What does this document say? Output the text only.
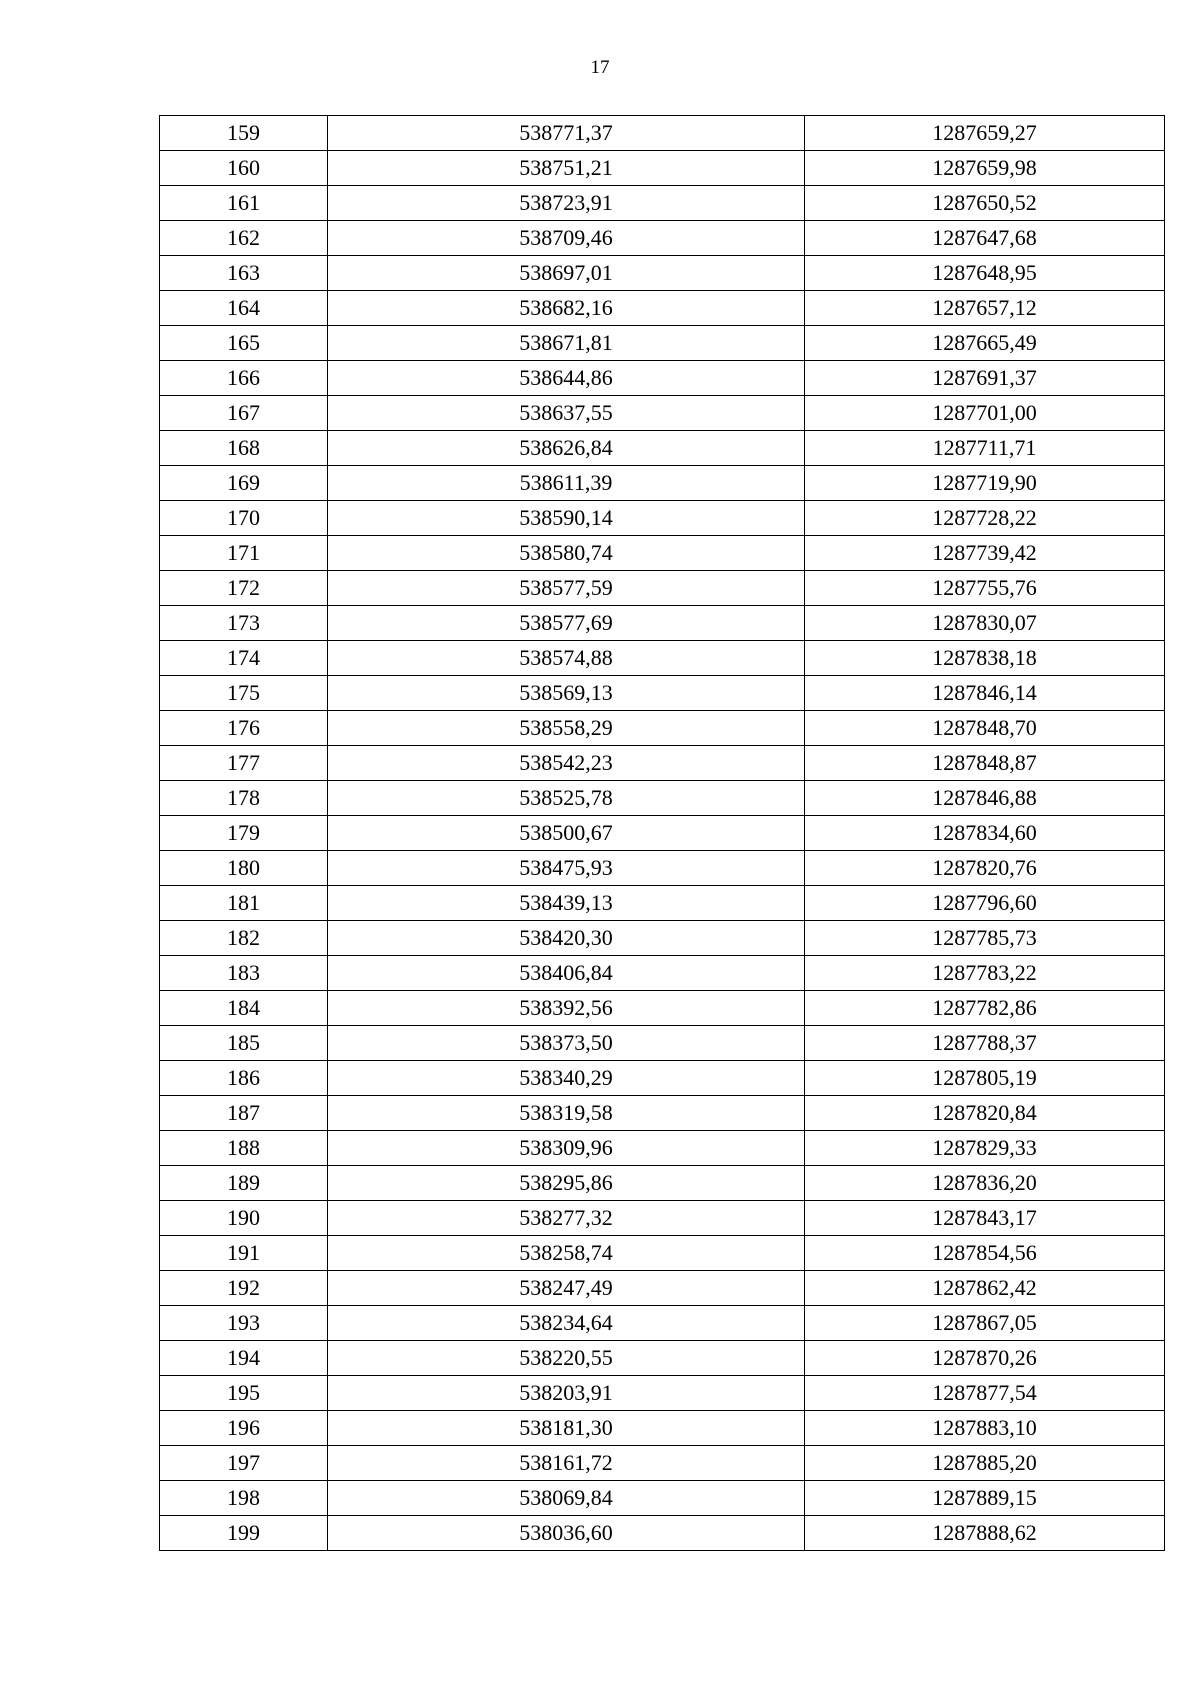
17
159	538771,37	1287659,27
160	538751,21	1287659,98
161	538723,91	1287650,52
162	538709,46	1287647,68
163	538697,01	1287648,95
164	538682,16	1287657,12
165	538671,81	1287665,49
166	538644,86	1287691,37
167	538637,55	1287701,00
168	538626,84	1287711,71
169	538611,39	1287719,90
170	538590,14	1287728,22
171	538580,74	1287739,42
172	538577,59	1287755,76
173	538577,69	1287830,07
174	538574,88	1287838,18
175	538569,13	1287846,14
176	538558,29	1287848,70
177	538542,23	1287848,87
178	538525,78	1287846,88
179	538500,67	1287834,60
180	538475,93	1287820,76
181	538439,13	1287796,60
182	538420,30	1287785,73
183	538406,84	1287783,22
184	538392,56	1287782,86
185	538373,50	1287788,37
186	538340,29	1287805,19
187	538319,58	1287820,84
188	538309,96	1287829,33
189	538295,86	1287836,20
190	538277,32	1287843,17
191	538258,74	1287854,56
192	538247,49	1287862,42
193	538234,64	1287867,05
194	538220,55	1287870,26
195	538203,91	1287877,54
196	538181,30	1287883,10
197	538161,72	1287885,20
198	538069,84	1287889,15
199	538036,60	1287888,62
